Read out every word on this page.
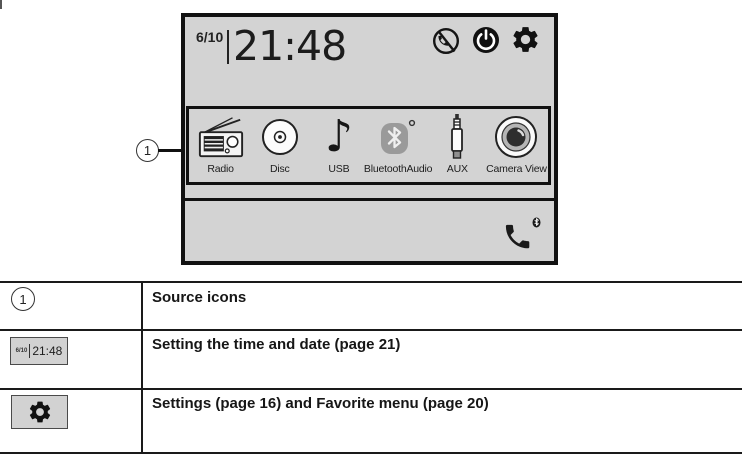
6/10 21:48
Radio	Disc
♪
USB BluetoothAudio AUX Camera View
1
1	Source icons
6/10 21:48	Setting the time and date (page 21)
Settings (page 16) and Favorite menu (page 20)
